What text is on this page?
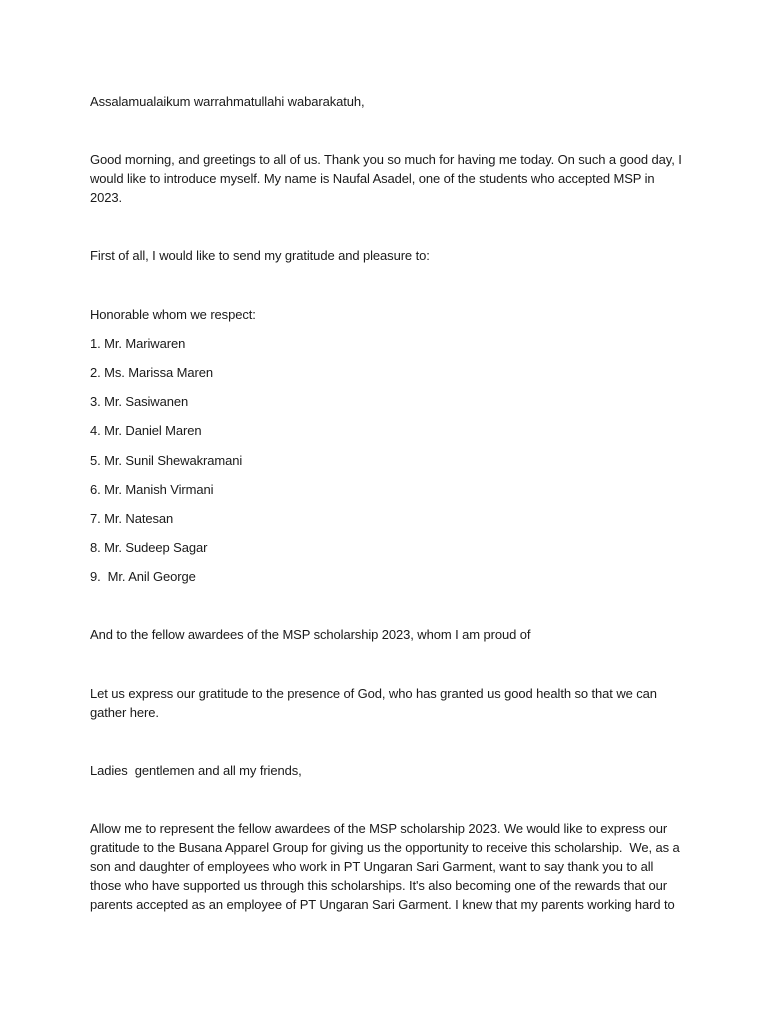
Assalamualaikum warrahmatullahi wabarakatuh,

Good morning, and greetings to all of us. Thank you so much for having me today. On such a good day, I

would like to introduce myself. My name is Naufal Asadel, one of the students who accepted MSP in

2023.

First of all, I would like to send my gratitude and pleasure to:

Honorable whom we respect:

1. Mr. Mariwaren

2. Ms. Marissa Maren

3. Mr. Sasiwanen

4. Mr. Daniel Maren

5. Mr. Sunil Shewakramani

6. Mr. Manish Virmani

7. Mr. Natesan

8. Mr. Sudeep Sagar

9.  Mr. Anil George

And to the fellow awardees of the MSP scholarship 2023, whom I am proud of

Let us express our gratitude to the presence of God, who has granted us good health so that we can

gather here.

Ladies  gentlemen and all my friends,

Allow me to represent the fellow awardees of the MSP scholarship 2023. We would like to express our

gratitude to the Busana Apparel Group for giving us the opportunity to receive this scholarship.  We, as a

son and daughter of employees who work in PT Ungaran Sari Garment, want to say thank you to all

those who have supported us through this scholarships. It's also becoming one of the rewards that our

parents accepted as an employee of PT Ungaran Sari Garment. I knew that my parents working hard to
